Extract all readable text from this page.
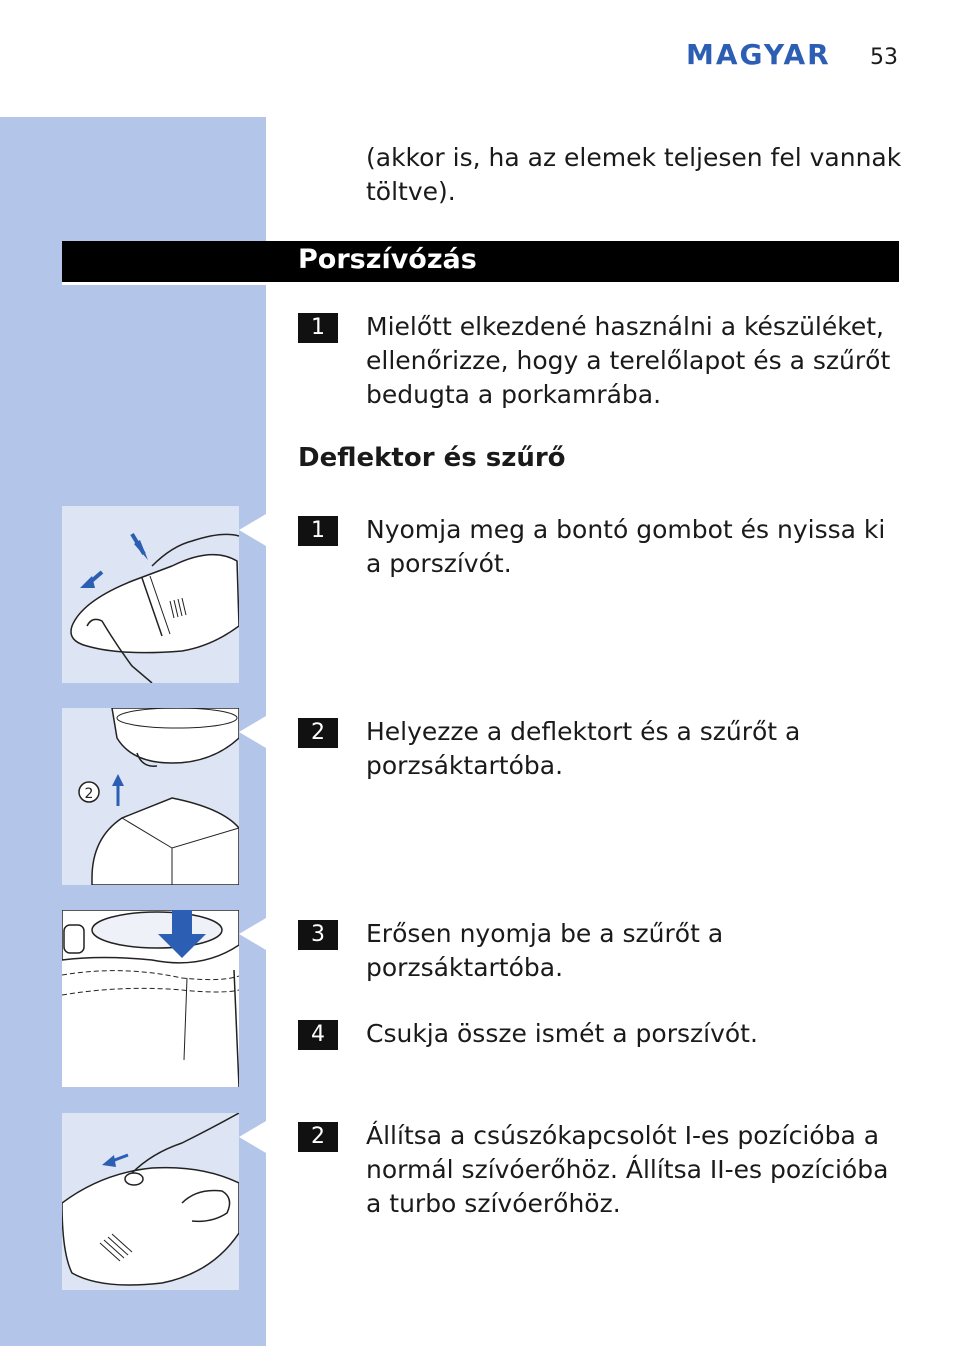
MAGYAR 53
(akkor is, ha az elemek teljesen fel vannak töltve).
Porszívózás
1	Mielőtt elkezdené használni a készüléket, ellenőrizze, hogy a terelőlapot és a szűrőt bedugta a porkamrába.
Deflektor és szűrő
1	Nyomja meg a bontó gombot és nyissa ki a porszívót.
2
2	Helyezze a deflektort és a szűrőt a porzsáktartóba.
3	Erősen nyomja be a szűrőt a porzsáktartóba.
4	Csukja össze ismét a porszívót.
2	Állítsa a csúszókapcsolót I-es pozícióba a normál szívóerőhöz. Állítsa II-es pozícióba a turbo szívóerőhöz.
